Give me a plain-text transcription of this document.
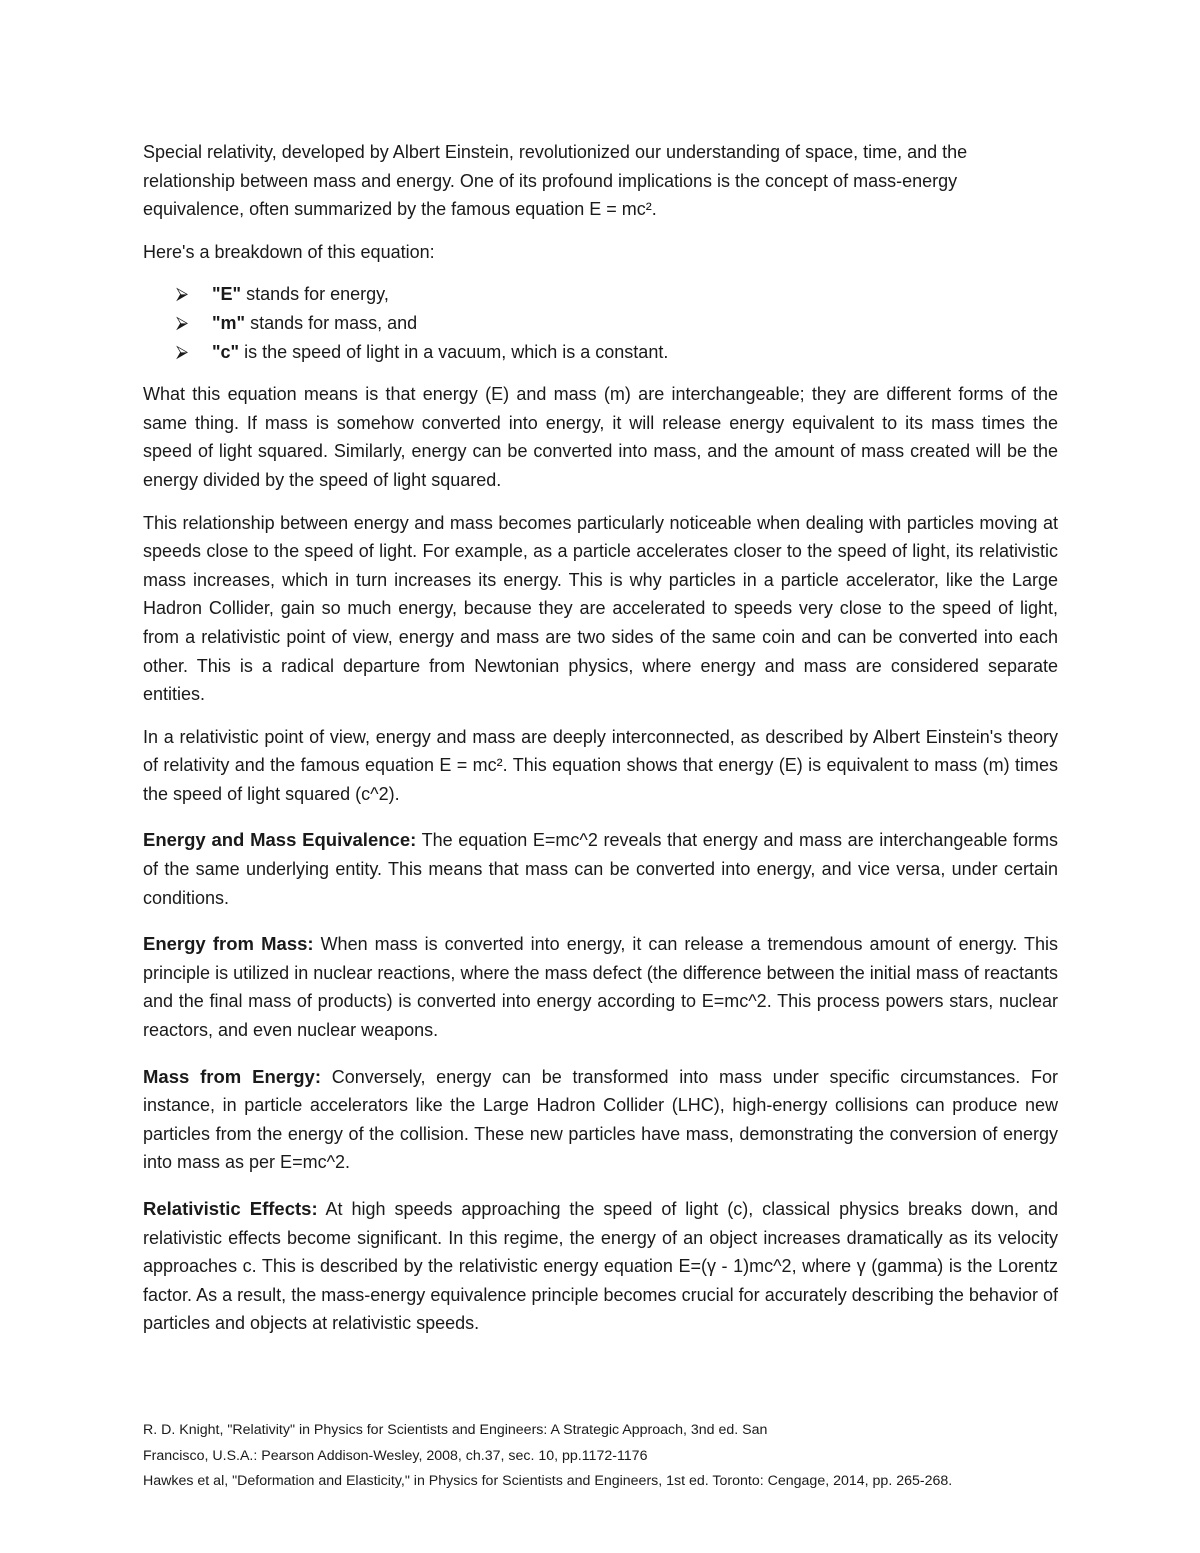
Special relativity, developed by Albert Einstein, revolutionized our understanding of space, time, and the relationship between mass and energy. One of its profound implications is the concept of mass-energy equivalence, often summarized by the famous equation E = mc².

Here's a breakdown of this equation:

⮚ "E" stands for energy,
⮚ "m" stands for mass, and
⮚ "c" is the speed of light in a vacuum, which is a constant.

What this equation means is that energy (E) and mass (m) are interchangeable; they are different forms of the same thing. If mass is somehow converted into energy, it will release energy equivalent to its mass times the speed of light squared. Similarly, energy can be converted into mass, and the amount of mass created will be the energy divided by the speed of light squared.

This relationship between energy and mass becomes particularly noticeable when dealing with particles moving at speeds close to the speed of light. For example, as a particle accelerates closer to the speed of light, its relativistic mass increases, which in turn increases its energy. This is why particles in a particle accelerator, like the Large Hadron Collider, gain so much energy, because they are accelerated to speeds very close to the speed of light, from a relativistic point of view, energy and mass are two sides of the same coin and can be converted into each other. This is a radical departure from Newtonian physics, where energy and mass are considered separate entities.

In a relativistic point of view, energy and mass are deeply interconnected, as described by Albert Einstein's theory of relativity and the famous equation E = mc². This equation shows that energy (E) is equivalent to mass (m) times the speed of light squared (c^2).

Energy and Mass Equivalence: The equation E=mc^2 reveals that energy and mass are interchangeable forms of the same underlying entity. This means that mass can be converted into energy, and vice versa, under certain conditions.

Energy from Mass: When mass is converted into energy, it can release a tremendous amount of energy. This principle is utilized in nuclear reactions, where the mass defect (the difference between the initial mass of reactants and the final mass of products) is converted into energy according to E=mc^2. This process powers stars, nuclear reactors, and even nuclear weapons.

Mass from Energy: Conversely, energy can be transformed into mass under specific circumstances. For instance, in particle accelerators like the Large Hadron Collider (LHC), high-energy collisions can produce new particles from the energy of the collision. These new particles have mass, demonstrating the conversion of energy into mass as per E=mc^2.

Relativistic Effects: At high speeds approaching the speed of light (c), classical physics breaks down, and relativistic effects become significant. In this regime, the energy of an object increases dramatically as its velocity approaches c. This is described by the relativistic energy equation E=(γ - 1)mc^2, where γ (gamma) is the Lorentz factor. As a result, the mass-energy equivalence principle becomes crucial for accurately describing the behavior of particles and objects at relativistic speeds.

R. D. Knight, "Relativity" in Physics for Scientists and Engineers: A Strategic Approach, 3nd ed. San

Francisco, U.S.A.: Pearson Addison-Wesley, 2008, ch.37, sec. 10, pp.1172-1176

Hawkes et al, "Deformation and Elasticity," in Physics for Scientists and Engineers, 1st ed. Toronto: Cengage, 2014, pp. 265-268.
